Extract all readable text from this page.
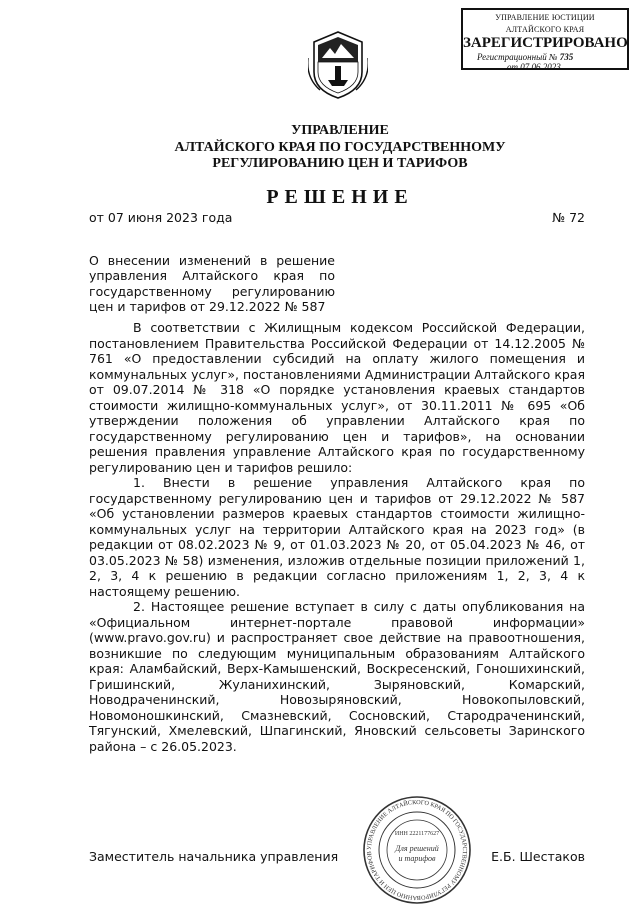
УПРАВЛЕНИЕ ЮСТИЦИИ
АЛТАЙСКОГО КРАЯ
ЗАРЕГИСТРИРОВАНО
Регистрационный № 735
от 07.06.2023
УПРАВЛЕНИЕ
АЛТАЙСКОГО КРАЯ ПО ГОСУДАРСТВЕННОМУ
РЕГУЛИРОВАНИЮ ЦЕН И ТАРИФОВ
РЕШЕНИЕ
от 07 июня 2023 года	№ 72
О внесении изменений в решение управления Алтайского края по государственному регулированию цен и тарифов от 29.12.2022 № 587

В соответствии с Жилищным кодексом Российской Федерации, постановлением Правительства Российской Федерации от 14.12.2005 № 761 «О предоставлении субсидий на оплату жилого помещения и коммунальных услуг», постановлениями Администрации Алтайского края от 09.07.2014 № 318 «О порядке установления краевых стандартов стоимости жилищно-коммунальных услуг», от 30.11.2011 № 695 «Об утверждении положения об управлении Алтайского края по государственному регулированию цен и тарифов», на основании решения правления управление Алтайского края по государственному регулированию цен и тарифов решило:

1. Внести в решение управления Алтайского края по государственному регулированию цен и тарифов от 29.12.2022 № 587 «Об установлении размеров краевых стандартов стоимости жилищно-коммунальных услуг на территории Алтайского края на 2023 год» (в редакции от 08.02.2023 № 9, от 01.03.2023 № 20, от 05.04.2023 № 46, от 03.05.2023 № 58) изменения, изложив отдельные позиции приложений 1, 2, 3, 4 к решению в редакции согласно приложениям 1, 2, 3, 4 к настоящему решению.

2. Настоящее решение вступает в силу с даты опубликования на «Официальном интернет-портале правовой информации» (www.pravo.gov.ru) и распространяет свое действие на правоотношения, возникшие по следующим муниципальным образованиям Алтайского края: Аламбайский, Верх-Камышенский, Воскресенский, Гоношихинский, Гришинский, Жуланихинский, Зыряновский, Комарский, Новодраченинский, Новозыряновский, Новокопыловский, Новомоношкинский, Смазневский, Сосновский, Стародраченинский, Тягунский, Хмелевский, Шпагинский, Яновский сельсоветы Заринского района – с 26.05.2023.

УПРАВЛЕНИЕ АЛТАЙСКОГО КРАЯ ПО ГОСУДАРСТВЕННОМУ РЕГУЛИРОВАНИЮ ЦЕН И ТАРИФОВ
ИНН 2221177627
Для решений
и тарифов
Заместитель начальника управления	Е.Б. Шестаков
